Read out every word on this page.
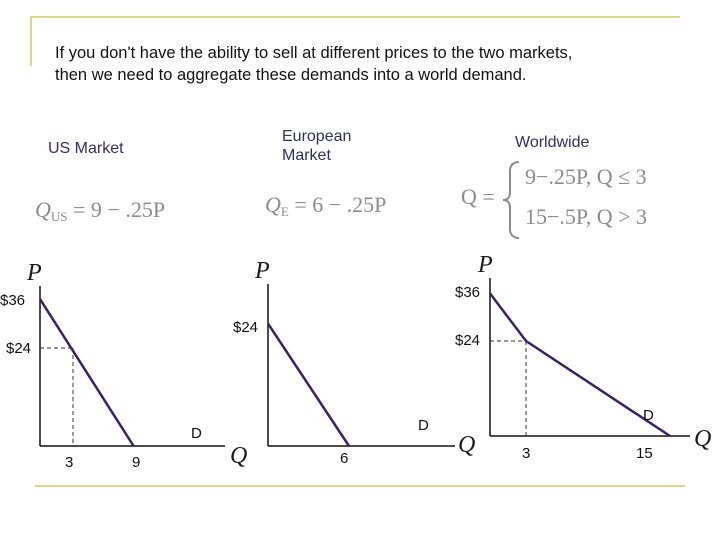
If you don't have the ability to sell at different prices to the two markets,
then we need to aggregate these demands into a world demand.
US Market
European
Market
Worldwide
$Q_{US} = 9 - .25P$	$Q_E = 6 - .25P$	Q =
9−.25P, Q ≤ 3
15−.5P, Q > 3
P
$36
$24
3	9
D
Q
P
$24
6
D
Q
P
$36
$24
3	15
D
Q
